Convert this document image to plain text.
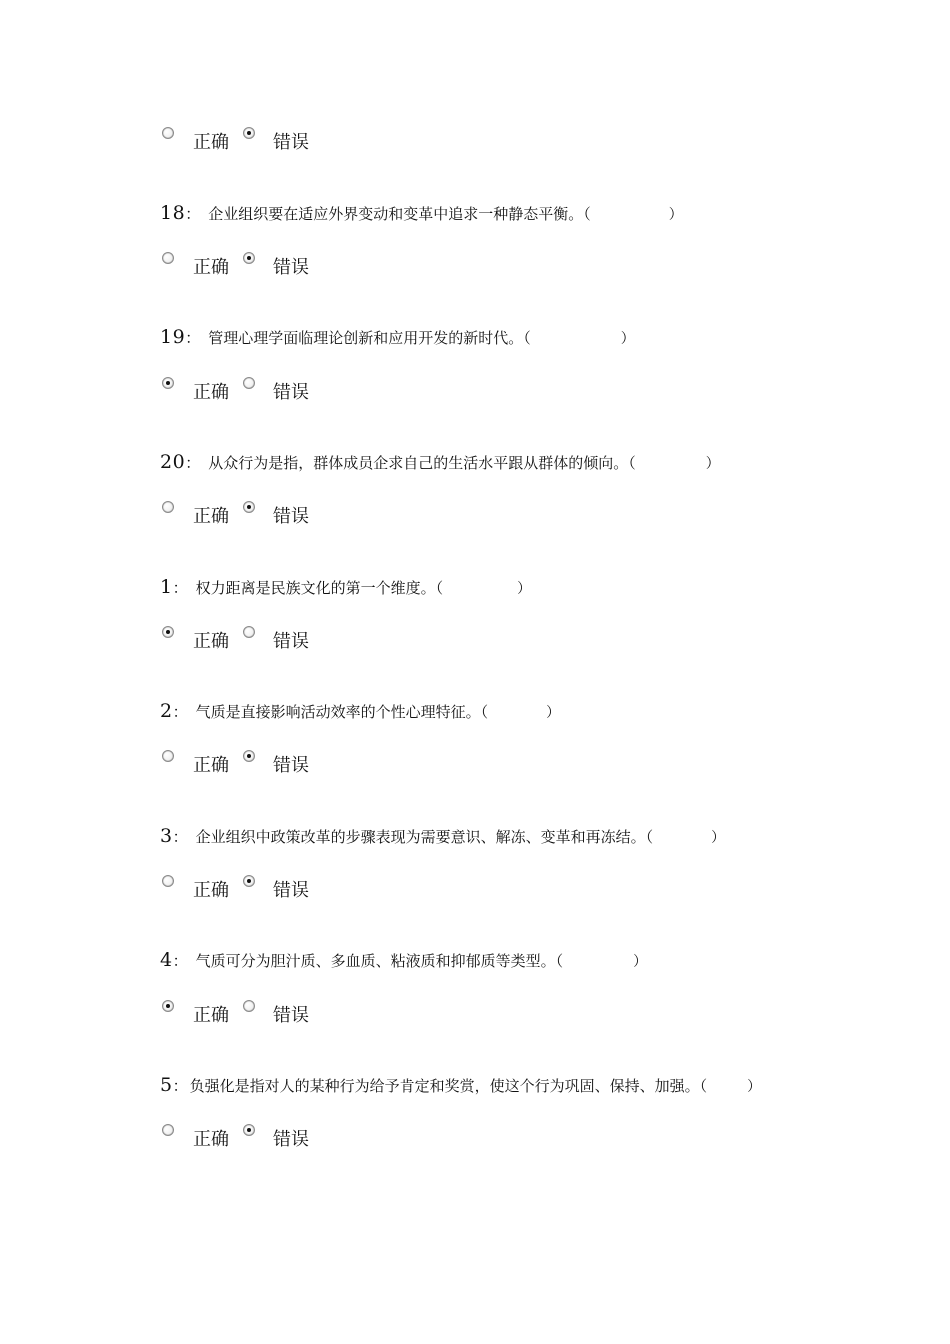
正确 错误
18： 企业组织要在适应外界变动和变革中追求一种静态平衡。（	）
正确 错误
19： 管理心理学面临理论创新和应用开发的新时代。（	）
正确 错误
20： 从众行为是指，群体成员企求自己的生活水平跟从群体的倾向。（	）
正确 错误
1： 权力距离是民族文化的第一个维度。（	）
正确 错误
2： 气质是直接影响活动效率的个性心理特征。（	）
正确 错误
3： 企业组织中政策改革的步骤表现为需要意识、解冻、变革和再冻结。（	）
正确 错误
4： 气质可分为胆汁质、多血质、粘液质和抑郁质等类型。（	）
正确 错误
5： 负强化是指对人的某种行为给予肯定和奖赏，使这个行为巩固、保持、加强。（	）
正确 错误
